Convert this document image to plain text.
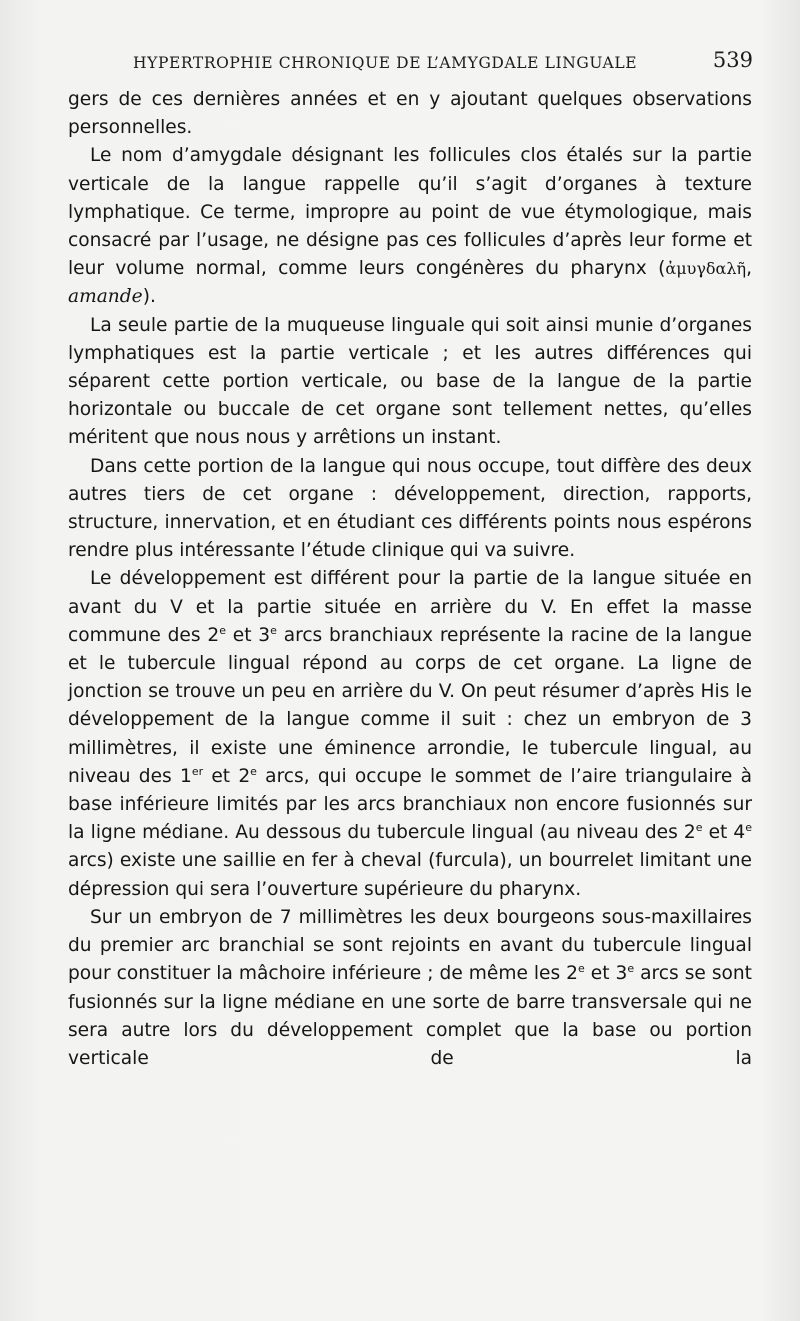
HYPERTROPHIE CHRONIQUE DE L’AMYGDALE LINGUALE	539

gers de ces dernières années et en y ajoutant quelques observations personnelles.

Le nom d’amygdale désignant les follicules clos étalés sur la partie verticale de la langue rappelle qu’il s’agit d’organes à texture lymphatique. Ce terme, impropre au point de vue étymologique, mais consacré par l’usage, ne désigne pas ces follicules d’après leur forme et leur volume normal, comme leurs congénères du pharynx (ἀμυγδαλῆ, amande).

La seule partie de la muqueuse linguale qui soit ainsi munie d’organes lymphatiques est la partie verticale ; et les autres différences qui séparent cette portion verticale, ou base de la langue de la partie horizontale ou buccale de cet organe sont tellement nettes, qu’elles méritent que nous nous y arrêtions un instant.

Dans cette portion de la langue qui nous occupe, tout diffère des deux autres tiers de cet organe : développement, direction, rapports, structure, innervation, et en étudiant ces différents points nous espérons rendre plus intéressante l’étude clinique qui va suivre.

Le développement est différent pour la partie de la langue située en avant du V et la partie située en arrière du V. En effet la masse commune des 2e et 3e arcs branchiaux représente la racine de la langue et le tubercule lingual répond au corps de cet organe. La ligne de jonction se trouve un peu en arrière du V. On peut résumer d’après His le développement de la langue comme il suit : chez un embryon de 3 millimètres, il existe une éminence arrondie, le tubercule lingual, au niveau des 1er et 2e arcs, qui occupe le sommet de l’aire triangulaire à base inférieure limités par les arcs branchiaux non encore fusionnés sur la ligne médiane. Au dessous du tubercule lingual (au niveau des 2e et 4e arcs) existe une saillie en fer à cheval (furcula), un bourrelet limitant une dépression qui sera l’ouverture supérieure du pharynx.

Sur un embryon de 7 millimètres les deux bourgeons sous-maxillaires du premier arc branchial se sont rejoints en avant du tubercule lingual pour constituer la mâchoire inférieure ; de même les 2e et 3e arcs se sont fusionnés sur la ligne médiane en une sorte de barre transversale qui ne sera autre lors du développement complet que la base ou portion verticale de la
